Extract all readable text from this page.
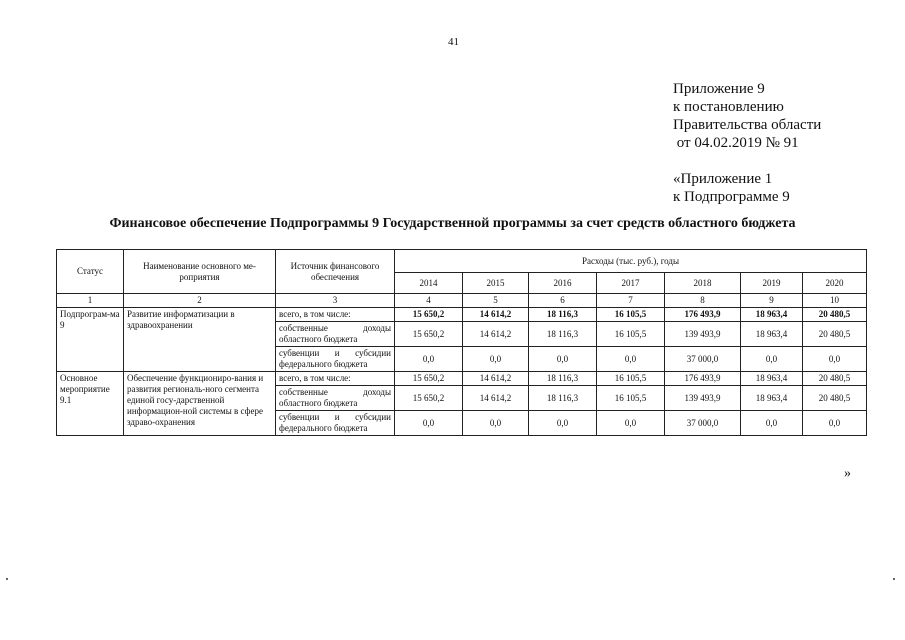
41
Приложение 9
к постановлению
Правительства области
от 04.02.2019 № 91
«Приложение 1
к Подпрограмме 9
Финансовое обеспечение Подпрограммы 9 Государственной программы за счет средств областного бюджета
Статус	Наименование основного ме-роприятия	Источник финансового обеспечения	Расходы (тыс. руб.), годы						
			2014	2015	2016	2017	2018	2019	2020
1	2	3	4	5	6	7	8	9	10
Подпрограм-ма 9	Развитие информатизации в здравоохранении	всего, в том числе:	15 650,2	14 614,2	18 116,3	16 105,5	176 493,9	18 963,4	20 480,5
		собственные доходы областного бюджета	15 650,2	14 614,2	18 116,3	16 105,5	139 493,9	18 963,4	20 480,5
		субвенции и субсидии федерального бюджета	0,0	0,0	0,0	0,0	37 000,0	0,0	0,0
Основное мероприятие 9.1	Обеспечение функциониро-вания и развития региональ-ного сегмента единой госу-дарственной информацион-ной системы в сфере здраво-охранения	всего, в том числе:	15 650,2	14 614,2	18 116,3	16 105,5	176 493,9	18 963,4	20 480,5
		собственные доходы областного бюджета	15 650,2	14 614,2	18 116,3	16 105,5	139 493,9	18 963,4	20 480,5
		субвенции и субсидии федерального бюджета	0,0	0,0	0,0	0,0	37 000,0	0,0	0,0
»
